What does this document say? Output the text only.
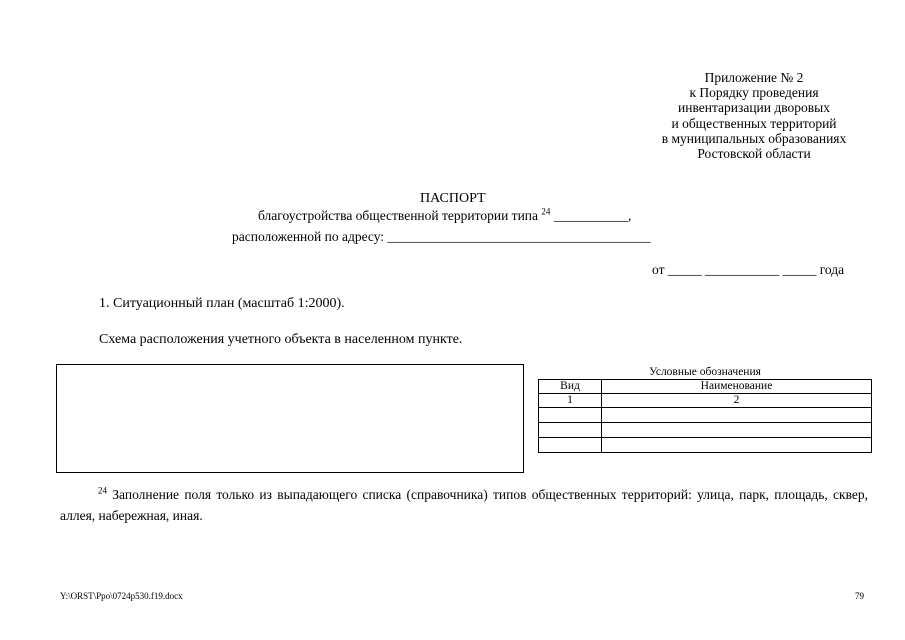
Приложение № 2
к Порядку проведения
инвентаризации дворовых
и общественных территорий
в муниципальных образованиях
Ростовской области
ПАСПОРТ
благоустройства общественной территории типа $^{24}$ ___________,
расположенной по адресу: _______________________________________
от _____ ___________ _____ года
1. Ситуационный план (масштаб 1:2000).
Схема расположения учетного объекта в населенном пункте.
Условные обозначения
Вид	Наименование
1	2

$^{24}$ Заполнение поля только из выпадающего списка (справочника) типов общественных территорий: улица, парк, площадь, сквер, аллея, набережная, иная.
Y:\ORST\Ppo\0724p530.f19.docx	79
